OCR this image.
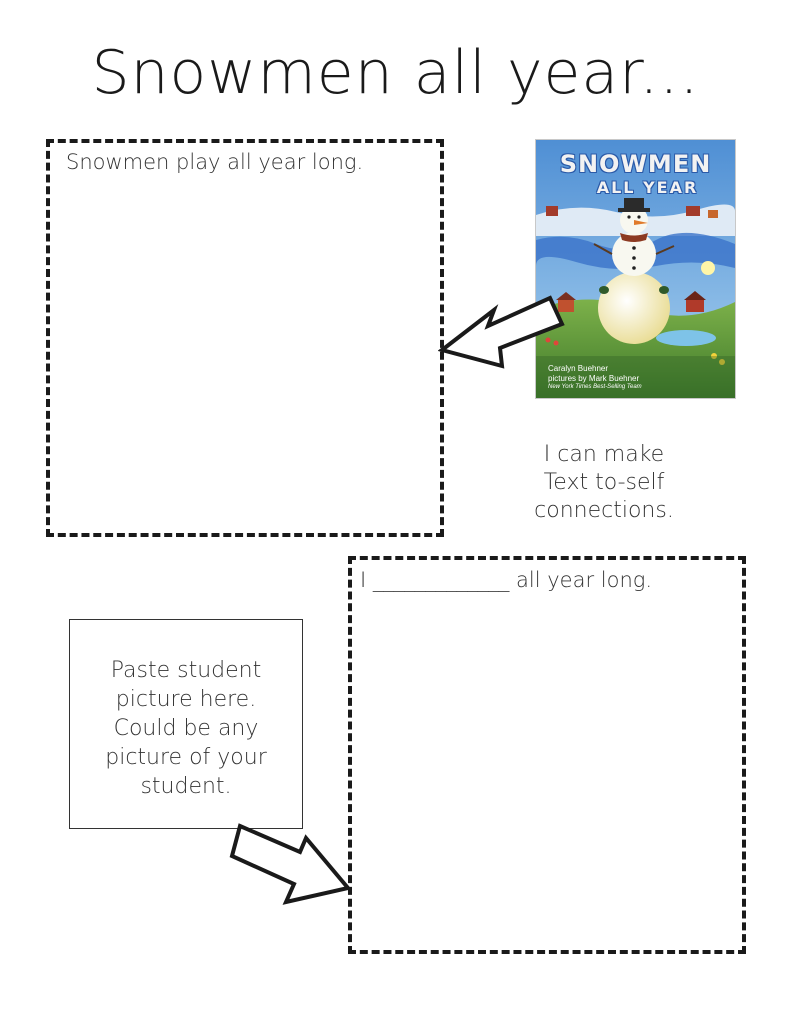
Snowmen all year...
Snowmen play all year long.	SNOWMEN
ALL YEAR
Caralyn Buehner
pictures by Mark Buehner
New York Times Best-Selling Team
I can make
Text to-self
connections.
I _____________ all year long.
Paste student
picture here.
Could be any
picture of your
student.
